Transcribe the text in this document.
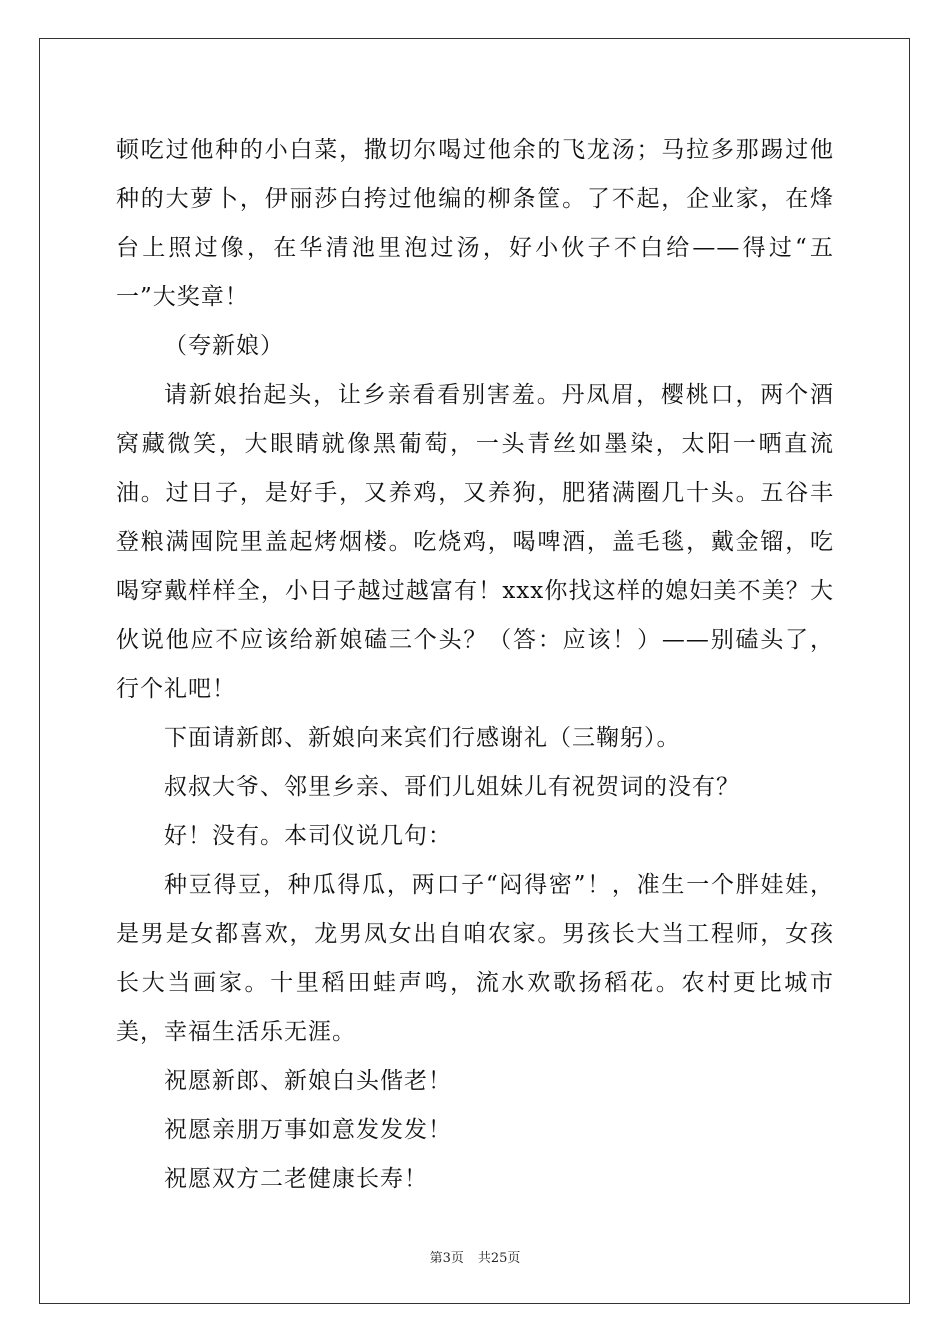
顿吃过他种的小白菜，撒切尔喝过他余的飞龙汤；马拉多那踢过他种的大萝卜，伊丽莎白挎过他编的柳条筐。了不起，企业家，在烽台上照过像，在华清池里泡过汤，好小伙子不白给——得过“五一”大奖章！

（夸新娘）

请新娘抬起头，让乡亲看看别害羞。丹凤眉，樱桃口，两个酒窝藏微笑，大眼睛就像黑葡萄，一头青丝如墨染，太阳一晒直流油。过日子，是好手，又养鸡，又养狗，肥猪满圈几十头。五谷丰登粮满囤院里盖起烤烟楼。吃烧鸡，喝啤酒，盖毛毯，戴金镏，吃喝穿戴样样全，小日子越过越富有！xxx你找这样的媳妇美不美？大伙说他应不应该给新娘磕三个头？（答：应该！）——别磕头了，行个礼吧！

下面请新郎、新娘向来宾们行感谢礼（三鞠躬）。

叔叔大爷、邻里乡亲、哥们儿姐妹儿有祝贺词的没有？

好！没有。本司仪说几句：

种豆得豆，种瓜得瓜，两口子“闷得密”！，准生一个胖娃娃，是男是女都喜欢，龙男凤女出自咱农家。男孩长大当工程师，女孩长大当画家。十里稻田蛙声鸣，流水欢歌扬稻花。农村更比城市美，幸福生活乐无涯。

祝愿新郎、新娘白头偕老！

祝愿亲朋万事如意发发发！

祝愿双方二老健康长寿！

第3页 共25页
